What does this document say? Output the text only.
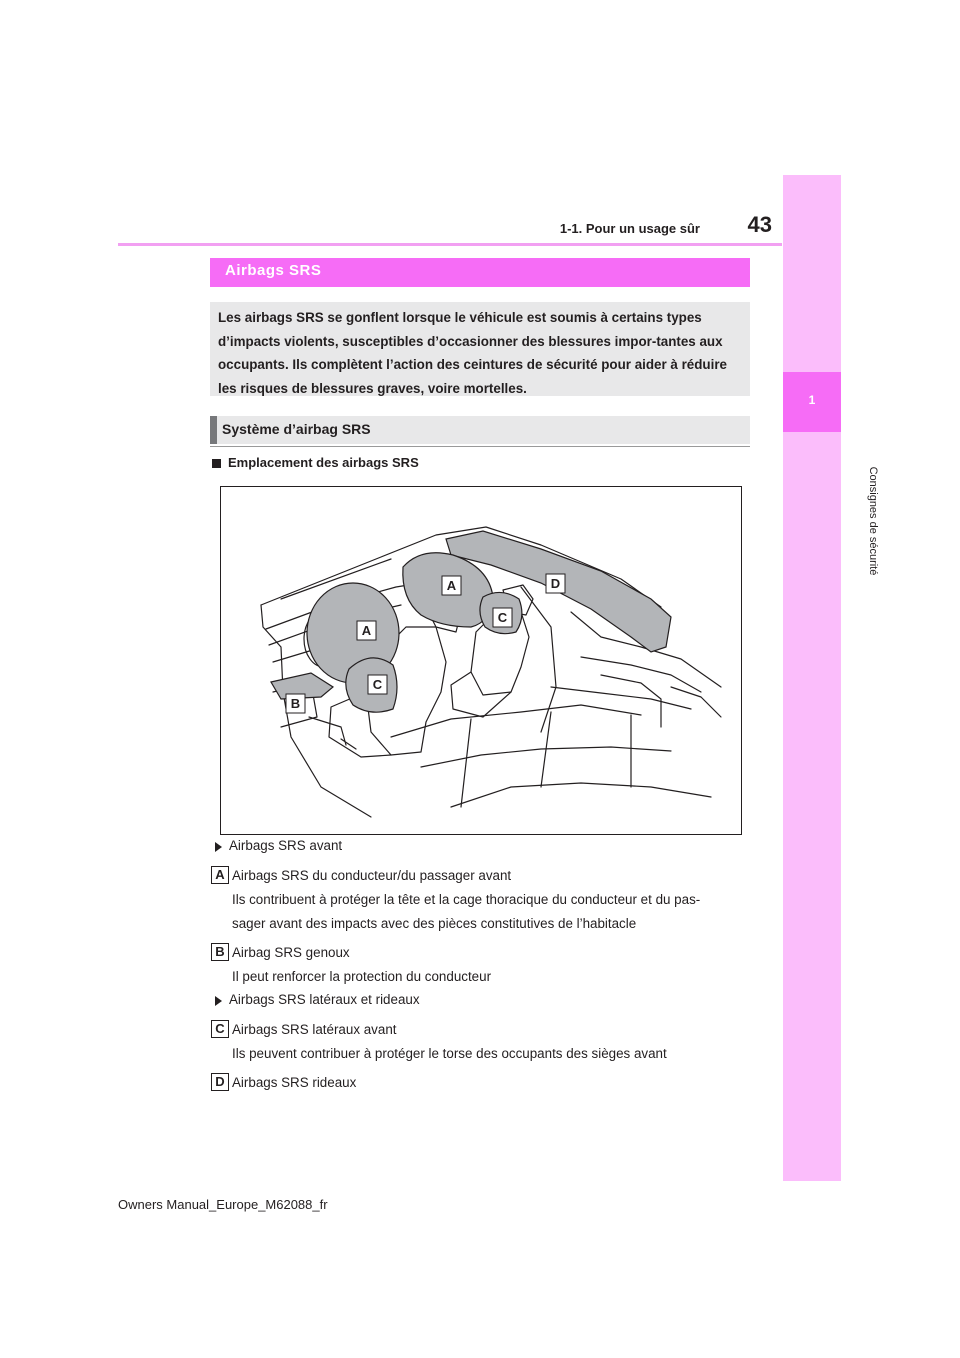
43
1-1. Pour un usage sûr
1
Consignes de sécurité
Airbags SRS
Les airbags SRS se gonflent lorsque le véhicule est soumis à certains types d’impacts violents, susceptibles d’occasionner des blessures impor-tantes aux occupants. Ils complètent l’action des ceintures de sécurité pour aider à réduire les risques de blessures graves, voire mortelles.
Système d’airbag SRS
Emplacement des airbags SRS
A	D
C
A
C
B
Airbags SRS avant
A Airbags SRS du conducteur/du passager avant
Ils contribuent à protéger la tête et la cage thoracique du conducteur et du pas-
sager avant des impacts avec des pièces constitutives de l’habitacle
B Airbag SRS genoux
Il peut renforcer la protection du conducteur
Airbags SRS latéraux et rideaux
C Airbags SRS latéraux avant
Ils peuvent contribuer à protéger le torse des occupants des sièges avant
D Airbags SRS rideaux
Owners Manual_Europe_M62088_fr
